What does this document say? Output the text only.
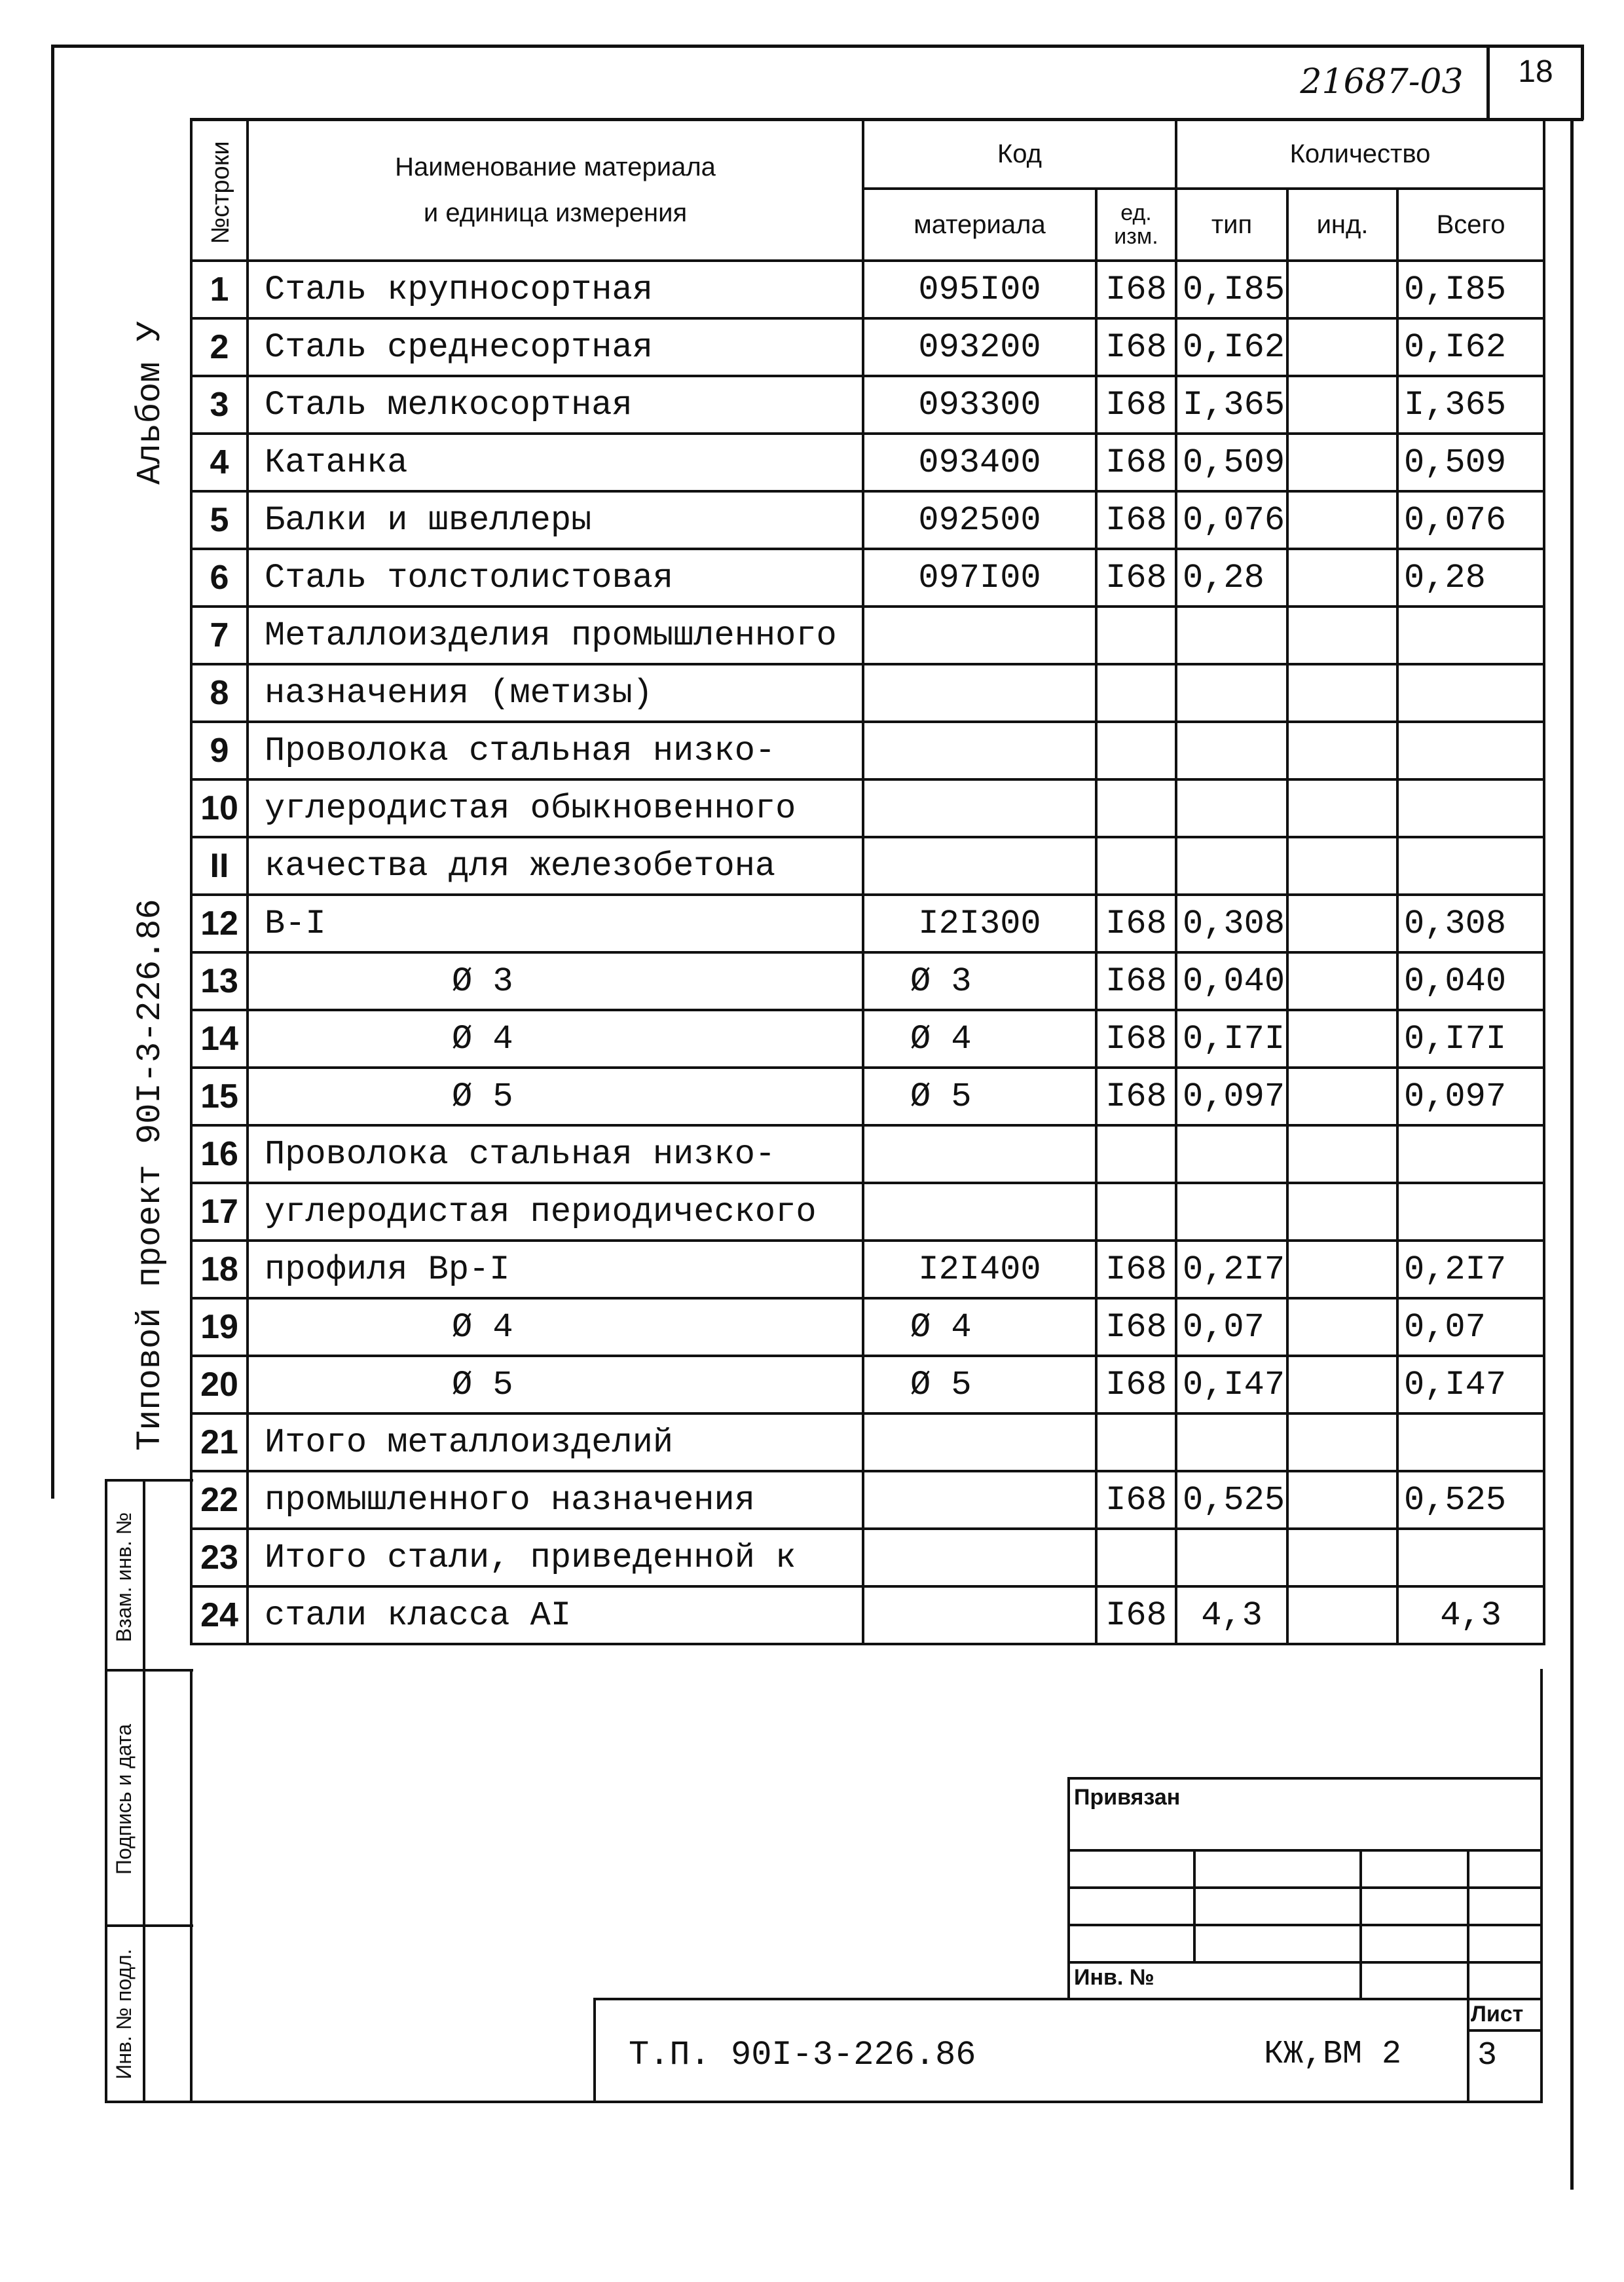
21687-03	18
Альбом У
Типовой проект 90I-3-226.86
Взам. инв. №
Подпись и дата
Инв. № подл.
№строки	Наименование материала
и единица измерения	Код		Количество		
		материала	ед.
изм.	тип	инд.	Всего
1	Сталь крупносортная	095I00	I68	0,I85		0,I85
2	Сталь среднесортная	093200	I68	0,I62		0,I62
3	Сталь мелкосортная	093300	I68	I,365		I,365
4	Катанка	093400	I68	0,509		0,509
5	Балки и швеллеры	092500	I68	0,076		0,076
6	Сталь толстолистовая	097I00	I68	0,28		0,28
7	Металлоизделия промышленного					
8	назначения (метизы)					
9	Проволока стальная низко-					
10	углеродистая обыкновенного					
II	качества для железобетона					
12	В-I	I2I300	I68	0,308		0,308
13	Ø 3	Ø 3	I68	0,040		0,040
14	Ø 4	Ø 4	I68	0,I7I		0,I7I
15	Ø 5	Ø 5	I68	0,097		0,097
16	Проволока стальная низко-					
17	углеродистая периодического					
18	профиля Вр-I	I2I400	I68	0,2I7		0,2I7
19	Ø 4	Ø 4	I68	0,07		0,07
20	Ø 5	Ø 5	I68	0,I47		0,I47
21	Итого металлоизделий					
22	промышленного назначения		I68	0,525		0,525
23	Итого стали, приведенной к					
24	стали класса АI		I68	4,3		4,3
Привязан
Инв. №
Т.П. 90I-3-226.86	КЖ,ВМ 2
Лист
3
